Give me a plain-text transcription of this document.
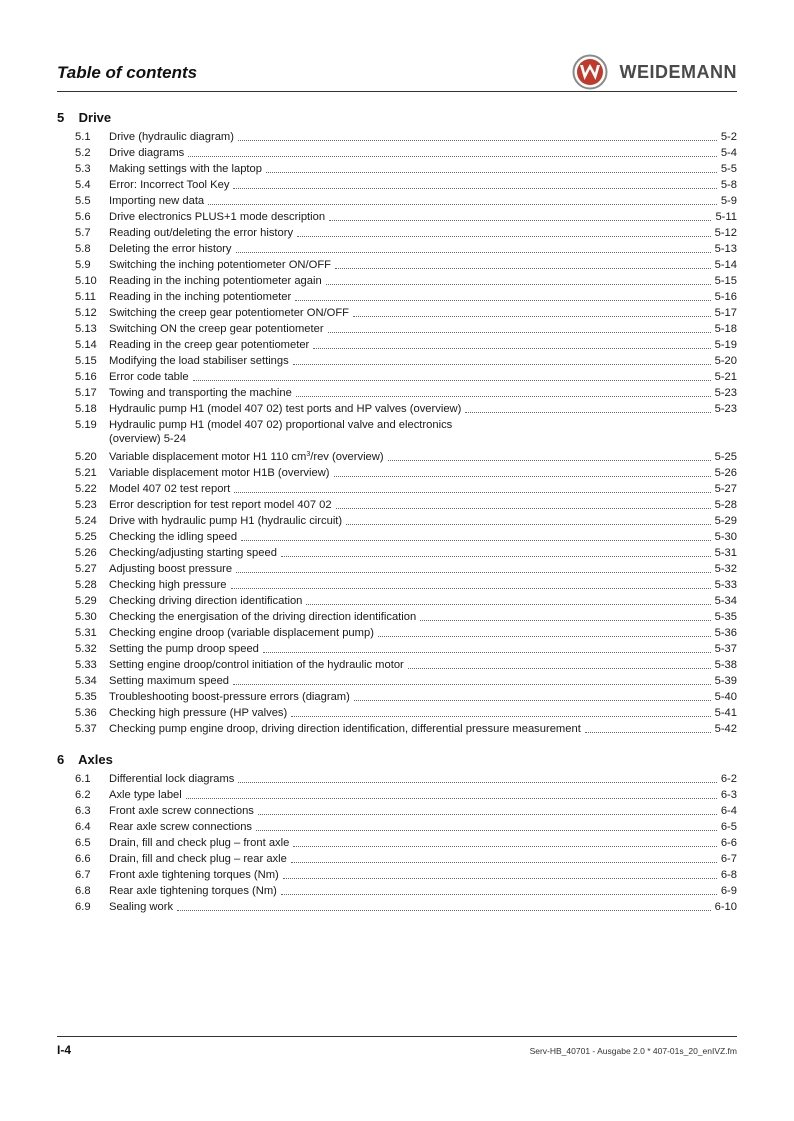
Table of contents	WEIDEMANN
5 Drive
5.1	Drive (hydraulic diagram)	5-2
5.2	Drive diagrams	5-4
5.3	Making settings with the laptop	5-5
5.4	Error: Incorrect Tool Key	5-8
5.5	Importing new data	5-9
5.6	Drive electronics PLUS+1 mode description	5-11
5.7	Reading out/deleting the error history	5-12
5.8	Deleting the error history	5-13
5.9	Switching the inching potentiometer ON/OFF	5-14
5.10	Reading in the inching potentiometer again	5-15
5.11	Reading in the inching potentiometer	5-16
5.12	Switching the creep gear potentiometer ON/OFF	5-17
5.13	Switching ON the creep gear potentiometer	5-18
5.14	Reading in the creep gear potentiometer	5-19
5.15	Modifying the load stabiliser settings	5-20
5.16	Error code table	5-21
5.17	Towing and transporting the machine	5-23
5.18	Hydraulic pump H1 (model 407 02) test ports and HP valves (overview)	5-23
5.19	Hydraulic pump H1 (model 407 02) proportional valve and electronics
(overview) 5-24
5.20	Variable displacement motor H1 110 $cm^3$/rev (overview)	5-25
5.21	Variable displacement motor H1B (overview)	5-26
5.22	Model 407 02 test report	5-27
5.23	Error description for test report model 407 02	5-28
5.24	Drive with hydraulic pump H1 (hydraulic circuit)	5-29
5.25	Checking the idling speed	5-30
5.26	Checking/adjusting starting speed	5-31
5.27	Adjusting boost pressure	5-32
5.28	Checking high pressure	5-33
5.29	Checking driving direction identification	5-34
5.30	Checking the energisation of the driving direction identification	5-35
5.31	Checking engine droop (variable displacement pump)	5-36
5.32	Setting the pump droop speed	5-37
5.33	Setting engine droop/control initiation of the hydraulic motor	5-38
5.34	Setting maximum speed	5-39
5.35	Troubleshooting boost-pressure errors (diagram)	5-40
5.36	Checking high pressure (HP valves)	5-41
5.37	Checking pump engine droop, driving direction identification, differential pressure measurement	5-42
6 Axles
6.1	Differential lock diagrams	6-2
6.2	Axle type label	6-3
6.3	Front axle screw connections	6-4
6.4	Rear axle screw connections	6-5
6.5	Drain, fill and check plug – front axle	6-6
6.6	Drain, fill and check plug – rear axle	6-7
6.7	Front axle tightening torques (Nm)	6-8
6.8	Rear axle tightening torques (Nm)	6-9
6.9	Sealing work	6-10
I-4	Serv-HB_40701 - Ausgabe 2.0 * 407-01s_20_enIVZ.fm
